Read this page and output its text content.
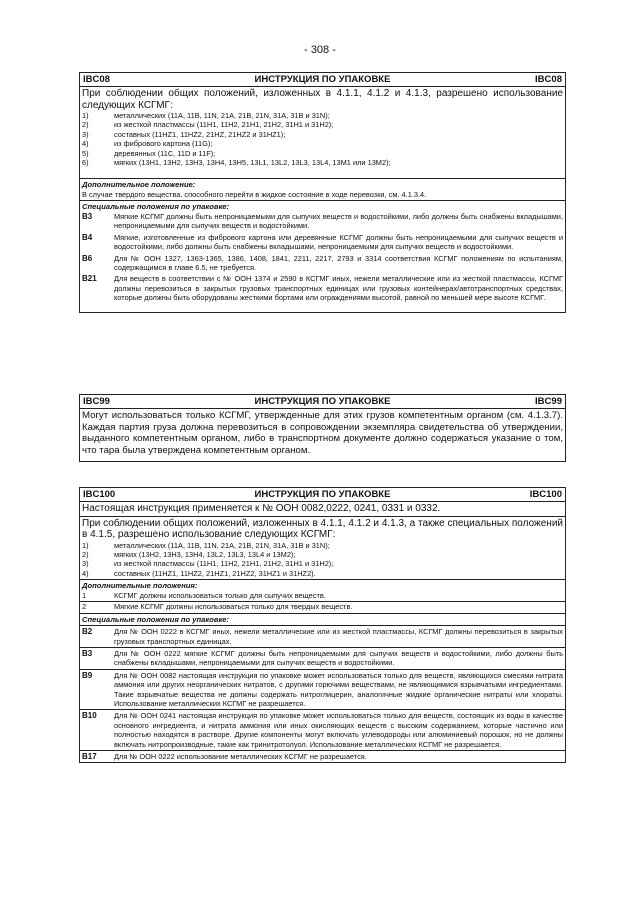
- 308 -
IBC08	ИНСТРУКЦИЯ ПО УПАКОВКЕ	IBC08
При соблюдении общих положений, изложенных в 4.1.1, 4.1.2 и 4.1.3, разрешено использование следующих КСГМГ:
1)	металлических (11A, 11B, 11N, 21A, 21B, 21N, 31A, 31B и 31N);
2)	из жесткой пластмассы (11H1, 11H2, 21H1, 21H2, 31H1 и 31H2);
3)	составных (11HZ1, 11HZ2, 21HZ, 21HZ2 и 31HZ1);
4)	из фибрового картона (11G);
5)	деревянных (11C, 11D и 11F);
6)	мягких (13H1, 13H2, 13H3, 13H4, 13H5, 13L1, 13L2, 13L3, 13L4, 13M1 или 13M2);
Дополнительное положение:
В случае твердого вещества, способного перейти в жидкое состояние в ходе перевозки, см. 4.1.3.4.
Специальные положения по упаковке:
B3	Мягкие КСГМГ должны быть непроницаемыми для сыпучих веществ и водостойкими, либо должны быть снабжены вкладышами, непроницаемыми для сыпучих веществ и водостойкими.
B4	Мягкие, изготовленные из фибрового картона или деревянные КСГМГ должны быть непроницаемыми для сыпучих веществ и водостойкими, либо должны быть снабжены вкладышами, непроницаемыми для сыпучих веществ и водостойкими.
B6	Для № ООН 1327, 1363-1365, 1386, 1408, 1841, 2211, 2217, 2793 и 3314 соответствия КСГМГ положениям по испытаниям, содержащимся в главе 6.5, не требуется.
B21	Для веществ в соответствии с № ООН 1374 и 2590 в КСГМГ иных, нежели металлические или из жесткой пластмассы, КСГМГ должны перевозиться в закрытых грузовых транспортных единицах или грузовых контейнерах/автотранспортных средствах, которые должны быть оборудованы жесткими бортами или ограждениями высотой, равной по меньшей мере высоте КСГМГ.
IBC99	ИНСТРУКЦИЯ ПО УПАКОВКЕ	IBC99
Могут использоваться только КСГМГ, утвержденные для этих грузов компетентным органом (см. 4.1.3.7). Каждая партия груза должна перевозиться в сопровождении экземпляра свидетельства об утверждении, выданного компетентным органом, либо в транспортном документе должно содержаться указание о том, что тара была утверждена компетентным органом.
IBC100	ИНСТРУКЦИЯ ПО УПАКОВКЕ	IBC100
Настоящая инструкция применяется к № ООН 0082,0222, 0241, 0331 и 0332.
При соблюдении общих положений, изложенных в 4.1.1, 4.1.2 и 4.1.3, а также специальных положений в 4.1.5, разрешено использование следующих КСГМГ:
1)	металлических (11A, 11B, 11N, 21A, 21B, 21N, 31A, 31B и 31N);
2)	мягких (13H2, 13H3, 13H4, 13L2, 13L3, 13L4 и 13M2);
3)	из жесткой пластмассы (11H1, 11H2, 21H1, 21H2, 31H1 и 31H2);
4)	составных (11HZ1, 11HZ2, 21HZ1, 21HZ2, 31HZ1 и 31HZ2).
Дополнительные положения:
1	КСГМГ должны использоваться только для сыпучих веществ.
2	Мягкие КСГМГ должны использоваться только для твердых веществ.
Специальные положения по упаковке:
B2	Для № ООН 0222 в КСГМГ иных, нежели металлические или из жесткой пластмассы, КСГМГ должны перевозиться в закрытых грузовых транспортных единицах.
B3	Для № ООН 0222 мягкие КСГМГ должны быть непроницаемыми для сыпучих веществ и водостойкими, либо должны быть снабжены вкладышами, непроницаемыми для сыпучих веществ и водостойкими.
B9	Для № ООН 0082 настоящая инструкция по упаковке может использоваться только для веществ, являющихся смесями нитрата аммония или других неорганических нитратов, с другими горючими веществами, не являющимися взрывчатыми ингредиентами. Такие взрывчатые вещества не должны содержать нитроглицерин, аналогичные жидкие органические нитраты или хлораты. Использование металлических КСГМГ не разрешается.
B10	Для № ООН 0241 настоящая инструкция по упаковке может использоваться только для веществ, состоящих из воды в качестве основного ингредиента, и нитрата аммония или иных окисляющих веществ с высоким содержанием, которые частично или полностью находятся в растворе. Другие компоненты могут включать углеводороды или алюминиевый порошок, но не должны включать нитропроизводные, такие как тринитротолуол. Использование металлических КСГМГ не разрешается.
B17	Для № ООН 0222 использование металлических КСГМГ не разрешается.
